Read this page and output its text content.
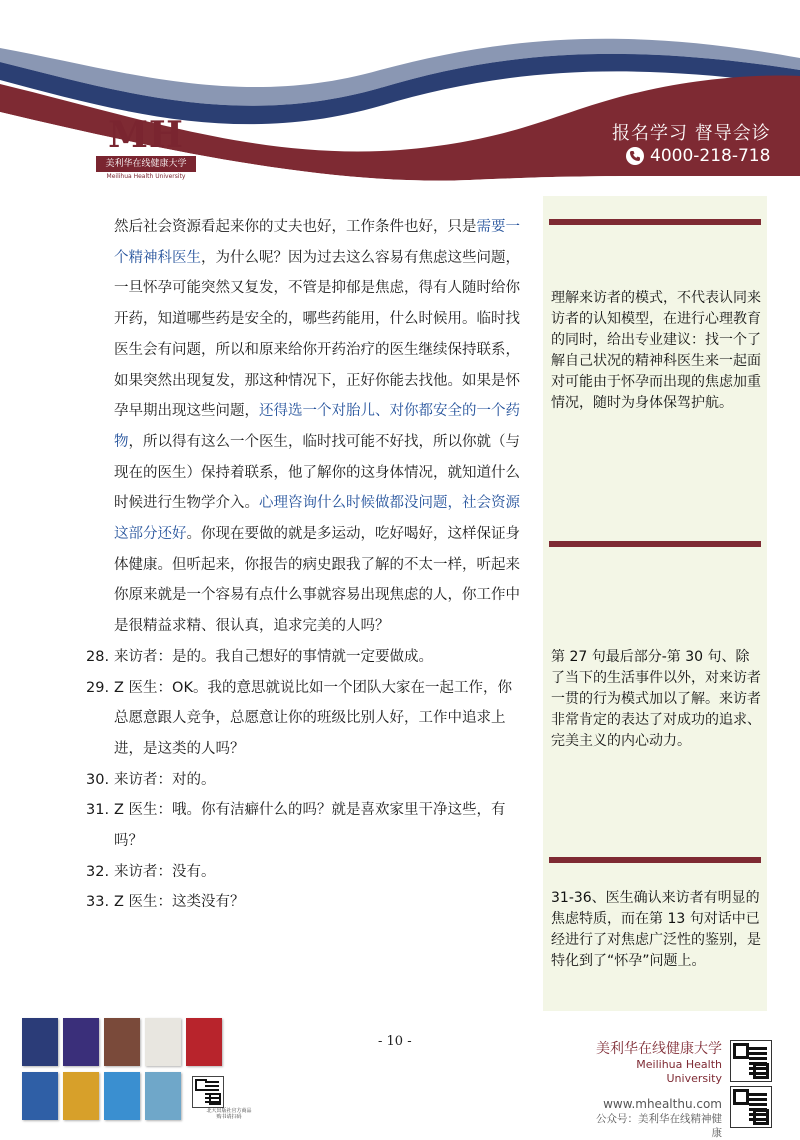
MH
美利华在线健康大学
Meilihua Health University
报名学习 督导会诊
4000-218-718

然后社会资源看起来你的丈夫也好，工作条件也好，只是需要一个精神科医生，为什么呢？因为过去这么容易有焦虑这些问题，一旦怀孕可能突然又复发，不管是抑郁是焦虑，得有人随时给你开药，知道哪些药是安全的，哪些药能用，什么时候用。临时找医生会有问题，所以和原来给你开药治疗的医生继续保持联系，如果突然出现复发，那这种情况下，正好你能去找他。如果是怀孕早期出现这些问题，还得选一个对胎儿、对你都安全的一个药物，所以得有这么一个医生，临时找可能不好找，所以你就（与现在的医生）保持着联系，他了解你的这身体情况，就知道什么时候进行生物学介入。心理咨询什么时候做都没问题，社会资源这部分还好。你现在要做的就是多运动，吃好喝好，这样保证身体健康。但听起来，你报告的病史跟我了解的不太一样，听起来你原来就是一个容易有点什么事就容易出现焦虑的人，你工作中是很精益求精、很认真，追求完美的人吗？

28. 来访者：是的。我自己想好的事情就一定要做成。
29. Z 医生：OK。我的意思就说比如一个团队大家在一起工作，你总愿意跟人竞争，总愿意让你的班级比别人好，工作中追求上进，是这类的人吗？
30. 来访者：对的。
31. Z 医生：哦。你有洁癖什么的吗？就是喜欢家里干净这些，有吗？
32. 来访者：没有。
33. Z 医生：这类没有？
理解来访者的模式，不代表认同来访者的认知模型，在进行心理教育的同时，给出专业建议：找一个了解自己状况的精神科医生来一起面对可能由于怀孕而出现的焦虑加重情况，随时为身体保驾护航。
第 27 句最后部分-第 30 句、除了当下的生活事件以外，对来访者一贯的行为模式加以了解。来访者非常肯定的表达了对成功的追求、完美主义的内心动力。
31-36、医生确认来访者有明显的焦虑特质，而在第 13 句对话中已经进行了对焦虑广泛性的鉴别，是特化到了“怀孕”问题上。
- 10 -
北大出版社官方商品 购书请扫码
美利华在线健康大学
Meilihua Health University
www.mhealthu.com
公众号：美利华在线精神健康
